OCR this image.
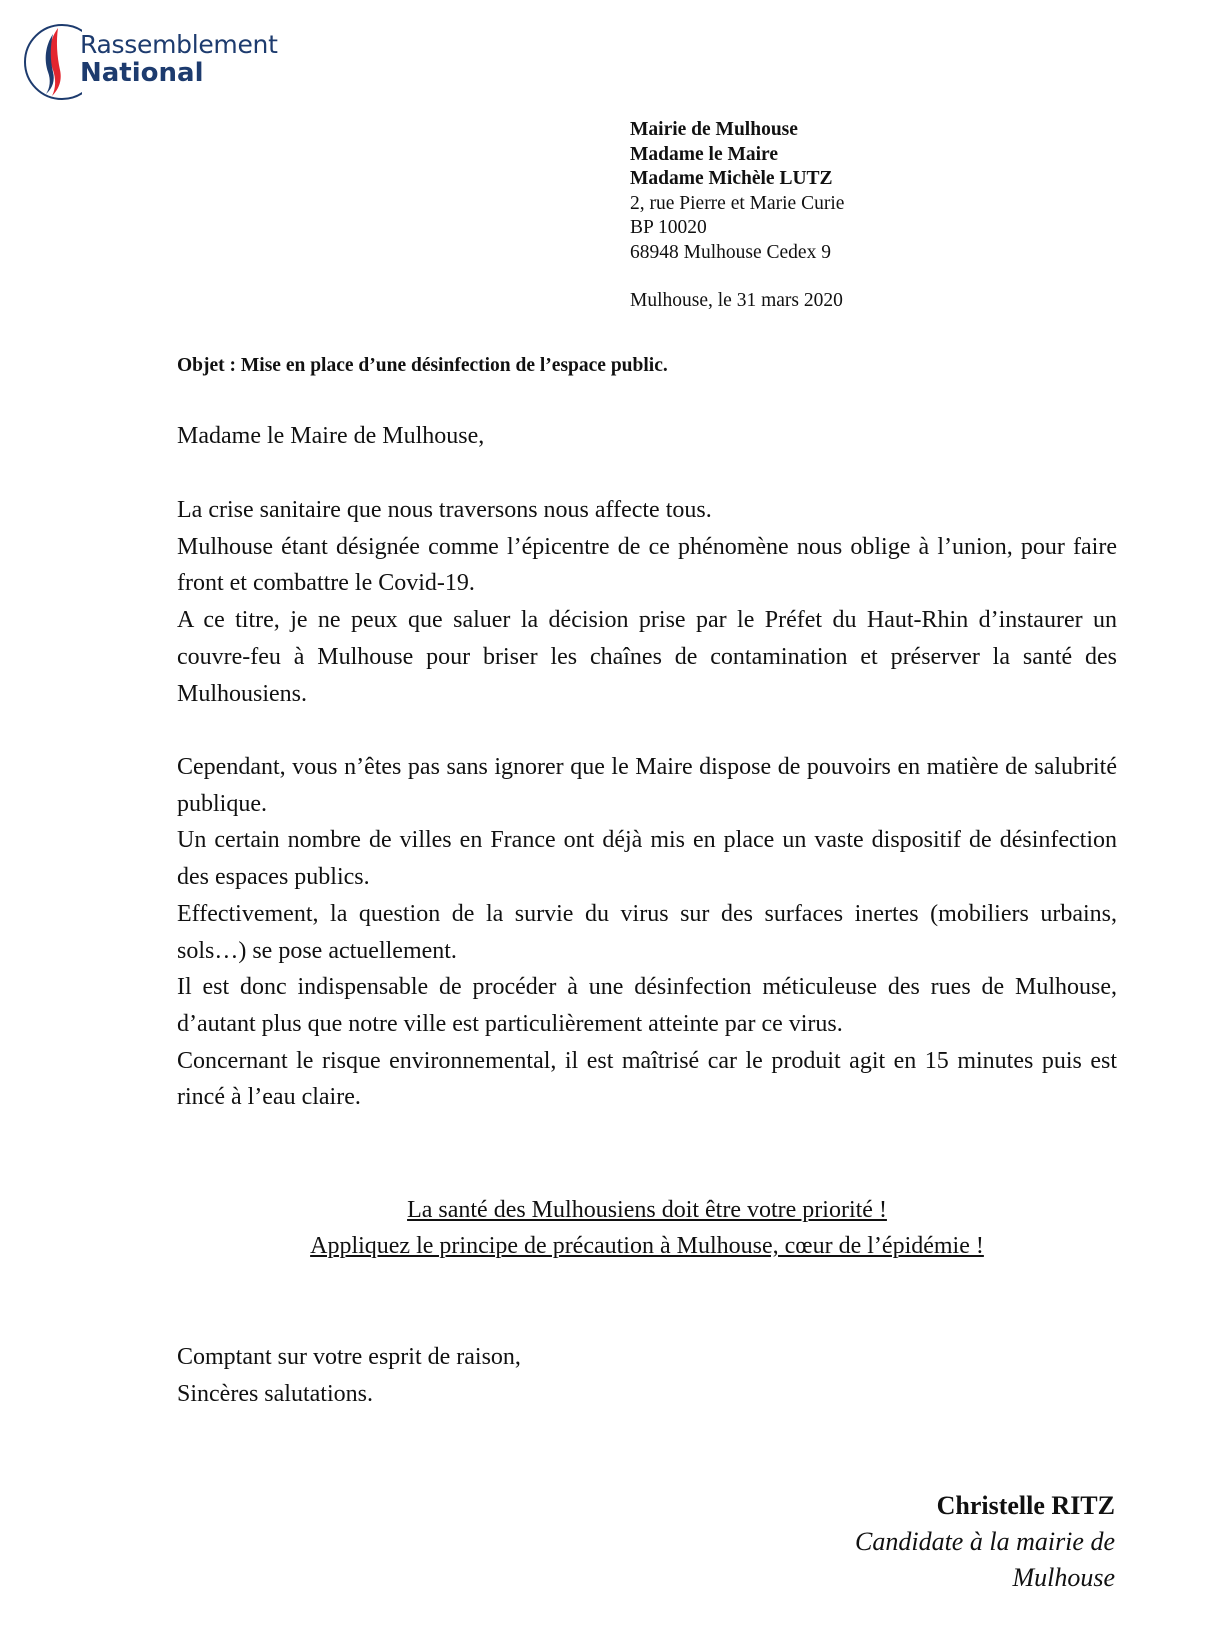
Rassemblement
National
Mairie de Mulhouse
Madame le Maire
Madame Michèle LUTZ
2, rue Pierre et Marie Curie
BP 10020
68948 Mulhouse Cedex 9
Mulhouse, le 31 mars 2020
Objet : Mise en place d’une désinfection de l’espace public.

Madame le Maire de Mulhouse,

La crise sanitaire que nous traversons nous affecte tous.

Mulhouse étant désignée comme l’épicentre de ce phénomène nous oblige à l’union, pour faire front et combattre le Covid-19.

A ce titre, je ne peux que saluer la décision prise par le Préfet du Haut-Rhin d’instaurer un couvre-feu à Mulhouse pour briser les chaînes de contamination et préserver la santé des Mulhousiens.

Cependant, vous n’êtes pas sans ignorer que le Maire dispose de pouvoirs en matière de salubrité publique.

Un certain nombre de villes en France ont déjà mis en place un vaste dispositif de désinfection des espaces publics.

Effectivement, la question de la survie du virus sur des surfaces inertes (mobiliers urbains, sols…) se pose actuellement.

Il est donc indispensable de procéder à une désinfection méticuleuse des rues de Mulhouse, d’autant plus que notre ville est particulièrement atteinte par ce virus.

Concernant le risque environnemental, il est maîtrisé car le produit agit en 15 minutes puis est rincé à l’eau claire.

La santé des Mulhousiens doit être votre priorité !
Appliquez le principe de précaution à Mulhouse, cœur de l’épidémie !

Comptant sur votre esprit de raison,

Sincères salutations.

Christelle RITZ
Candidate à la mairie de
Mulhouse
